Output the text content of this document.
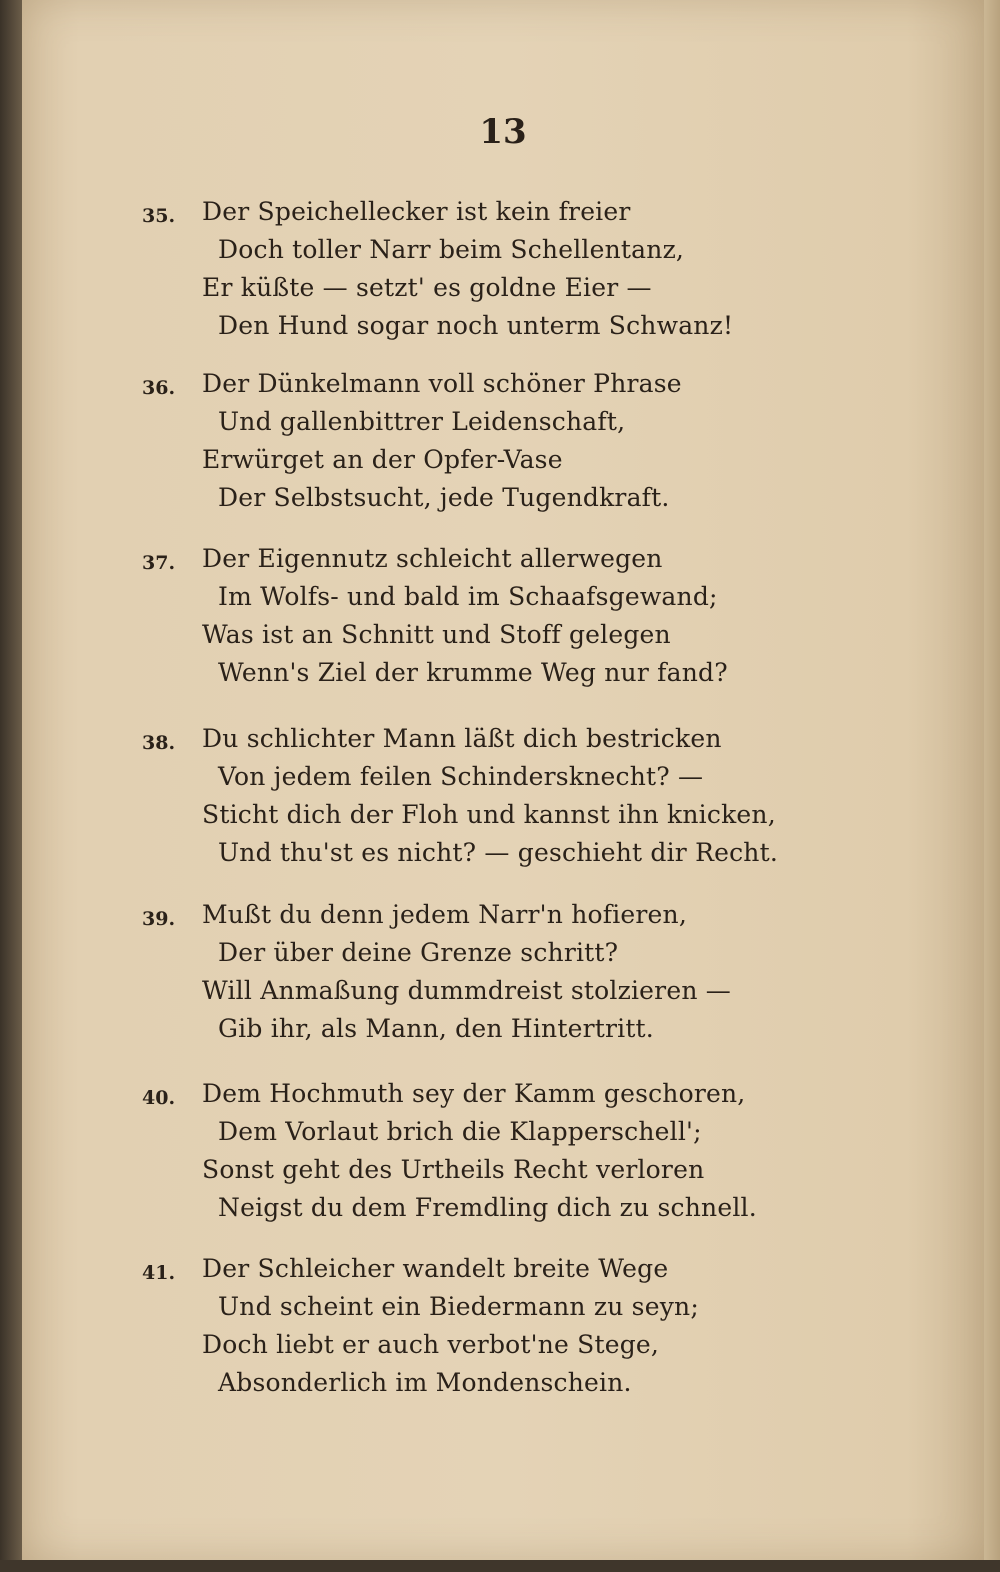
13
35. Der Speichellecker ist kein freier
Doch toller Narr beim Schellentanz,
Er küßte — setzt' es goldne Eier —
Den Hund sogar noch unterm Schwanz!
36. Der Dünkelmann voll schöner Phrase
Und gallenbittrer Leidenschaft,
Erwürget an der Opfer-Vase
Der Selbstsucht, jede Tugendkraft.
37. Der Eigennutz schleicht allerwegen
Im Wolfs- und bald im Schaafsgewand;
Was ist an Schnitt und Stoff gelegen
Wenn's Ziel der krumme Weg nur fand?
38. Du schlichter Mann läßt dich bestricken
Von jedem feilen Schindersknecht? —
Sticht dich der Floh und kannst ihn knicken,
Und thu'st es nicht? — geschieht dir Recht.
39. Mußt du denn jedem Narr'n hofieren,
Der über deine Grenze schritt?
Will Anmaßung dummdreist stolzieren —
Gib ihr, als Mann, den Hintertritt.
40. Dem Hochmuth sey der Kamm geschoren,
Dem Vorlaut brich die Klapperschell';
Sonst geht des Urtheils Recht verloren
Neigst du dem Fremdling dich zu schnell.
41. Der Schleicher wandelt breite Wege
Und scheint ein Biedermann zu seyn;
Doch liebt er auch verbot'ne Stege,
Absonderlich im Mondenschein.
